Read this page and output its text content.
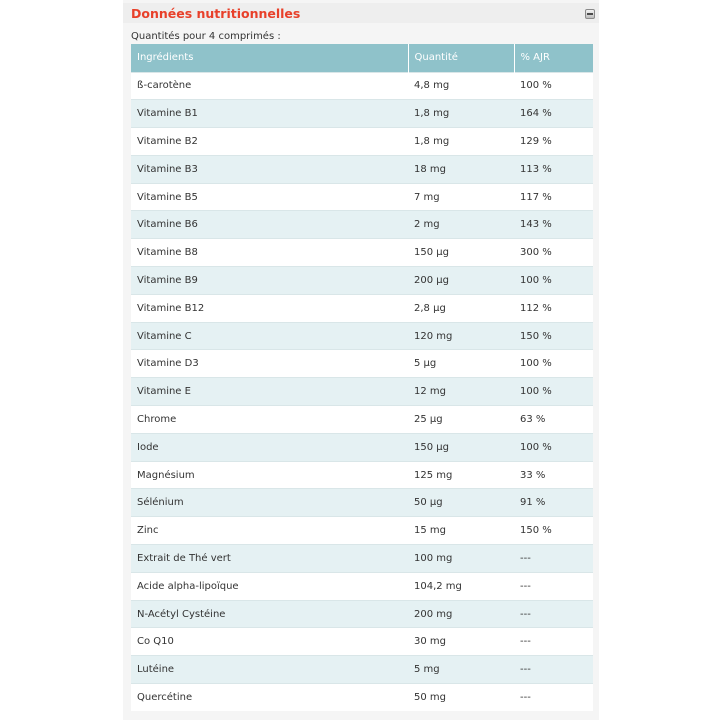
Données nutritionnelles
Quantités pour 4 comprimés :
Ingrédients	Quantité	% AJR
ß-carotène	4,8 mg	100 %
Vitamine B1	1,8 mg	164 %
Vitamine B2	1,8 mg	129 %
Vitamine B3	18 mg	113 %
Vitamine B5	7 mg	117 %
Vitamine B6	2 mg	143 %
Vitamine B8	150 µg	300 %
Vitamine B9	200 µg	100 %
Vitamine B12	2,8 µg	112 %
Vitamine C	120 mg	150 %
Vitamine D3	5 µg	100 %
Vitamine E	12 mg	100 %
Chrome	25 µg	63 %
Iode	150 µg	100 %
Magnésium	125 mg	33 %
Sélénium	50 µg	91 %
Zinc	15 mg	150 %
Extrait de Thé vert	100 mg	---
Acide alpha-lipoïque	104,2 mg	---
N-Acétyl Cystéine	200 mg	---
Co Q10	30 mg	---
Lutéine	5 mg	---
Quercétine	50 mg	---
